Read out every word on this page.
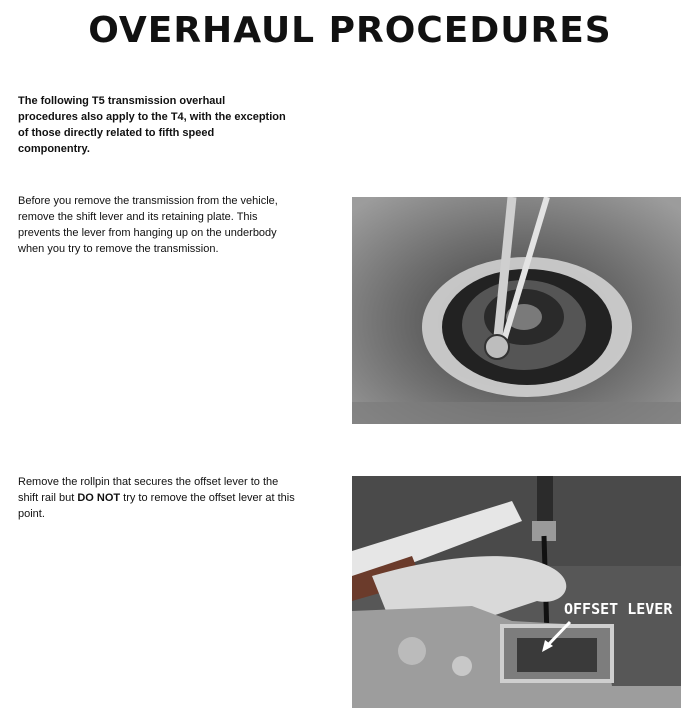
OVERHAUL PROCEDURES
The following T5 transmission overhaul procedures also apply to the T4, with the exception of those directly related to fifth speed componentry.
Before you remove the transmission from the vehicle, remove the shift lever and its retaining plate. This prevents the lever from hanging up on the underbody when you try to remove the transmission.
Remove the rollpin that secures the offset lever to the shift rail but DO NOT try to remove the offset lever at this point.
OFFSET LEVER
